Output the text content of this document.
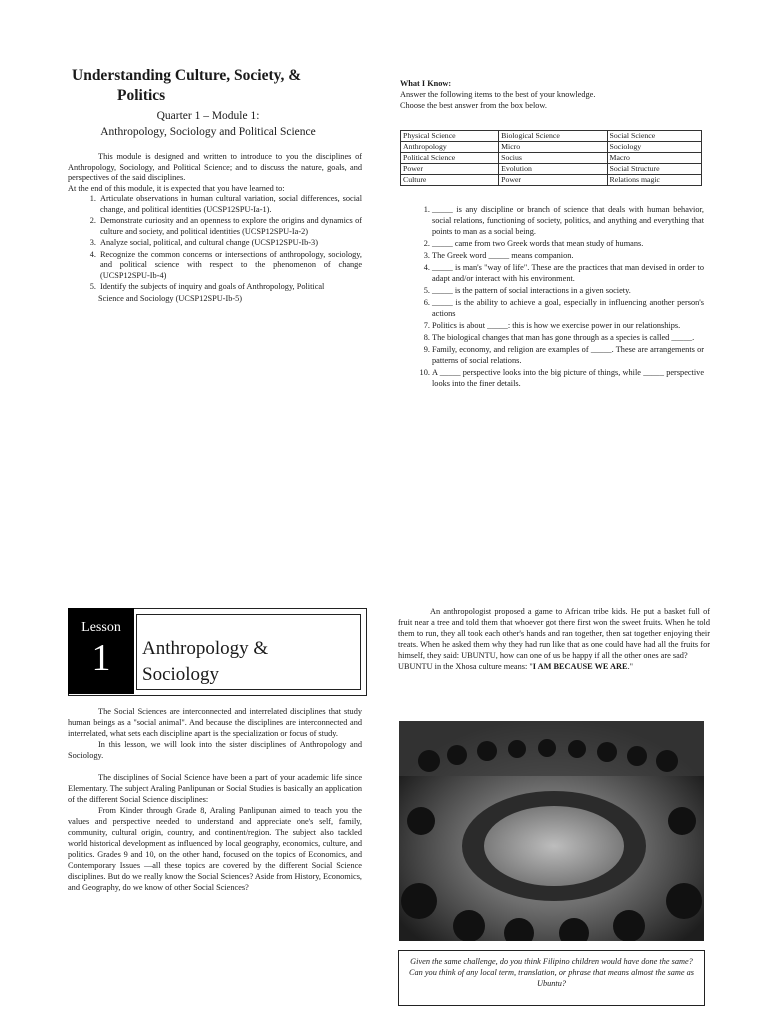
Understanding Culture, Society, &
Politics
Quarter 1 – Module 1:
Anthropology, Sociology and Political Science

This module is designed and written to introduce to you the disciplines of Anthropology, Sociology, and Political Science; and to discuss the nature, goals, and perspectives of the said disciplines.

At the end of this module, it is expected that you have learned to:
1. Articulate observations in human cultural variation, social differences, social change, and political identities (UCSP12SPU-Ia-1).
2. Demonstrate curiosity and an openness to explore the origins and dynamics of culture and society, and political identities (UCSP12SPU-Ia-2)
3. Analyze social, political, and cultural change (UCSP12SPU-Ib-3)
4. Recognize the common concerns or intersections of anthropology, sociology, and political science with respect to the phenomenon of change (UCSP12SPU-Ib-4)
5. Identify the subjects of inquiry and goals of Anthropology, Political
Science and Sociology (UCSP12SPU-Ib-5)
What I Know:
Answer the following items to the best of your knowledge.
Choose the best answer from the box below.
Physical Science	Biological Science	Social Science
Anthropology	Micro	Sociology
Political Science	Socius	Macro
Power	Evolution	Social Structure
Culture	Power	Relations magic
1. _____ is any discipline or branch of science that deals with human behavior, social relations, functioning of society, politics, and anything and everything that points to man as a social being.
2. _____ came from two Greek words that mean study of humans.
3. The Greek word _____ means companion.
4. _____ is man's "way of life". These are the practices that man devised in order to adapt and/or interact with his environment.
5. _____ is the pattern of social interactions in a given society.
6. _____ is the ability to achieve a goal, especially in influencing another person's actions
7. Politics is about _____: this is how we exercise power in our relationships.
8. The biological changes that man has gone through as a species is called _____.
9. Family, economy, and religion are examples of _____. These are arrangements or patterns of social relations.
10. A _____ perspective looks into the big picture of things, while _____ perspective looks into the finer details.
Lesson
1	Anthropology &
Sociology

The Social Sciences are interconnected and interrelated disciplines that study human beings as a "social animal". And because the disciplines are interconnected and interrelated, what sets each discipline apart is the specialization or focus of study.

In this lesson, we will look into the sister disciplines of Anthropology and Sociology.

The disciplines of Social Science have been a part of your academic life since Elementary. The subject Araling Panlipunan or Social Studies is basically an application of the different Social Science disciplines:

From Kinder through Grade 8, Araling Panlipunan aimed to teach you the values and perspective needed to understand and appreciate one's self, family, community, cultural origin, country, and continent/region. The subject also tackled world historical development as influenced by local geography, economics, culture, and politics. Grades 9 and 10, on the other hand, focused on the topics of Economics, and Contemporary Issues —all these topics are covered by the different Social Science disciplines. But do we really know the Social Sciences? Aside from History, Economics, and Geography, do we know of other Social Sciences?

An anthropologist proposed a game to African tribe kids. He put a basket full of fruit near a tree and told them that whoever got there first won the sweet fruits. When he told them to run, they all took each other's hands and ran together, then sat together enjoying their treats. When he asked them why they had run like that as one could have had all the fruits for himself, they said: UBUNTU, how can one of us be happy if all the other ones are sad?

UBUNTU in the Xhosa culture means: "I AM BECAUSE WE ARE."

Given the same challenge, do you think Filipino children would have done the same? Can you think of any local term, translation, or phrase that means almost the same as Ubuntu?
